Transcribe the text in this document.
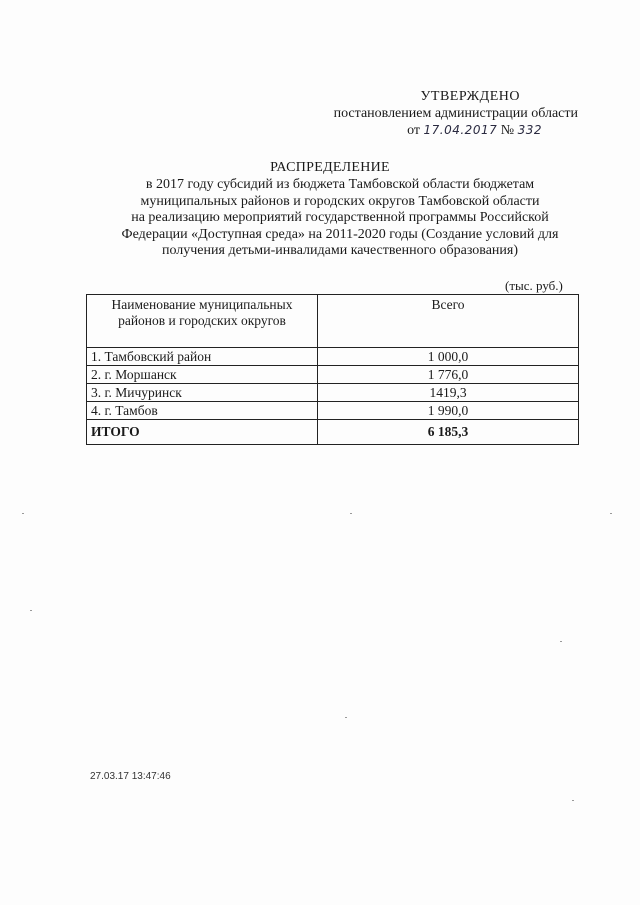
УТВЕРЖДЕНО
постановлением администрации области
от 17.04.2017 № 332
РАСПРЕДЕЛЕНИЕ
в 2017 году субсидий из бюджета Тамбовской области бюджетам
муниципальных районов и городских округов Тамбовской области
на реализацию мероприятий государственной программы Российской
Федерации «Доступная среда» на 2011-2020 годы (Создание условий для
получения детьми-инвалидами качественного образования)
(тыс. руб.)
Наименование муниципальных районов и городских округов	Всего
1. Тамбовский район	1 000,0
2. г. Моршанск	1 776,0
3. г. Мичуринск	1419,3
4. г. Тамбов	1 990,0
ИТОГО	6 185,3
27.03.17 13:47:46
